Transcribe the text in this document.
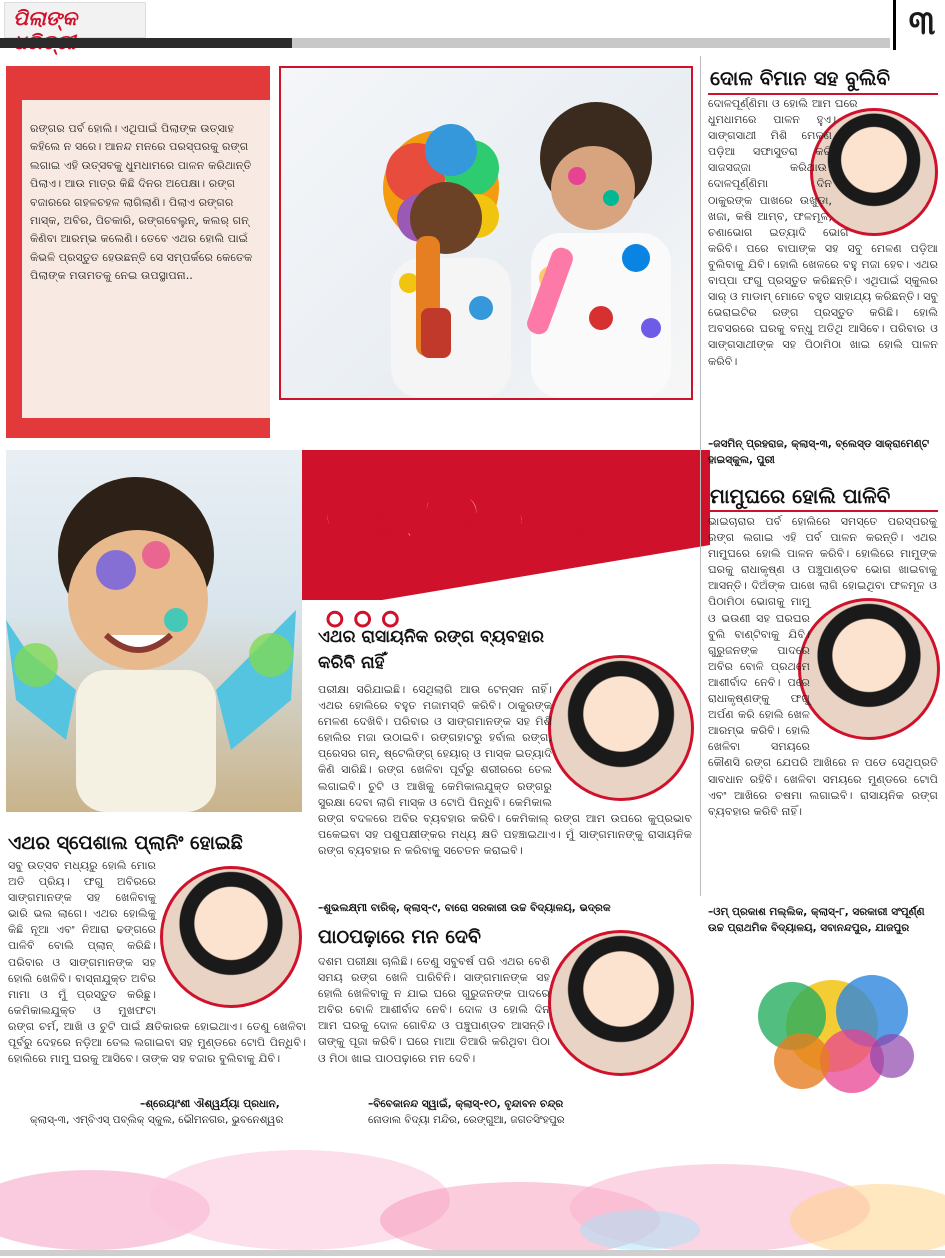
ପିଲାଙ୍କ	୩
ରଙ୍ଗର ପର୍ବ ହୋଲି। ଏଥିପାଇଁ ପିଲାଙ୍କ ଉତ୍ସାହ କହିଲେ ନ ସରେ। ଆନନ୍ଦ ମନରେ ପରସ୍ପରକୁ ରଙ୍ଗ ଲଗାଇ ଏହି ଉତ୍ସବକୁ ଧୁମଧାମରେ ପାଳନ କରିଥାନ୍ତି ପିଲାଏ। ଆଉ ମାତ୍ର କିଛି ଦିନର ଅପେକ୍ଷା। ରଙ୍ଗ ବଜାରରେ ଗହଳଚହଳ ଲାଗିଲାଣି। ପିଲାଏ ରଙ୍ଗର ମାସ୍କ, ଅବିର, ପିଚକାରି, ରଙ୍ଗବେଲୁନ୍, କଲର୍ ଗନ୍ କିଣିବା ଆରମ୍ଭ କଲେଣି। ତେବେ ଏଥର ହୋଲି ପାଇଁ କିଭଳି ପ୍ରସ୍ତୁତ ହେଉଛନ୍ତି ସେ ସମ୍ପର୍କରେ କେତେକ ପିଲାଙ୍କ ମତାମତକୁ ନେଇ ଉପସ୍ଥାପନା..
ହୋଲି ହେ ...
ଦୋଳ ବିମାନ ସହ ବୁଲିବି
ଦୋଳପୂର୍ଣ୍ଣିମା ଓ ହୋଲି ଆମ ଘରେ ଧୁମଧାମରେ ପାଳନ ହୁଏ। ସାଙ୍ଗସାଥୀ ମିଶି ମେଳଣ ପଡ଼ିଆ ସଫାସୁତରା କରି ସାଜସଜ୍ଜା କରିଥାଉ। ଦୋଳପୂର୍ଣ୍ଣିମା ଦିନ ଠାକୁରଙ୍କ ପାଖରେ ଉଖୁଡ଼ା, ଖଜା, କଷି ଆମ୍ବ, ଫଳମୂଳ, ଚଣାଭୋଗ ଇତ୍ୟାଦି ଭୋଗ କରିବି। ପରେ ବାପାଙ୍କ ସହ ସବୁ ମେଳଣ ପଡ଼ିଆ ବୁଲିବାକୁ ଯିବି। ହୋଲି ଖେଳରେ ବହୁ ମଜା ହେବ। ଏଥର ବାପ୍ପା ଫଗୁ ପ୍ରସ୍ତୁତ କରିଛନ୍ତି। ଏଥିପାଇଁ ସ୍କୁଲର ସାର୍ ଓ ମାଡାମ୍ ମୋତେ ବହୁତ ସାହାଯ୍ୟ କରିଛନ୍ତି। ସବୁ ଭେରାଇଟିର ରଙ୍ଗ ପ୍ରସ୍ତୁତ କରିଛି। ହୋଲି ଅବସରରେ ଘରକୁ ବନ୍ଧୁ ଅତିଥି ଆସିବେ। ପରିବାର ଓ ସାଙ୍ଗସାଥୀଙ୍କ ସହ ପିଠାମିଠା ଖାଇ ହୋଲି ପାଳନ କରିବି।
–ଜସମିନ୍ ପ୍ରହରାଜ, କ୍ଲାସ୍-୩, ବ୍ଲେସ୍ଡ ସାକ୍ରାମେଣ୍ଟ ହାଇସ୍କୁଲ, ପୁରୀ
ମାମୁଘରେ ହୋଲି ପାଳିବି
ଭାଇଚାରାର ପର୍ବ ହୋଲିରେ ସମସ୍ତେ ପରସ୍ପରକୁ ରଙ୍ଗ ଲଗାଇ ଏହି ପର୍ବ ପାଳନ କରନ୍ତି। ଏଥର ମାମୁଘରେ ହୋଲି ପାଳନ କରିବି। ହୋଲିରେ ମାମୁଙ୍କ ଘରକୁ ରାଧାକୃଷ୍ଣ ଓ ପଞ୍ଚୁପାଣ୍ଡବ ଭୋଗ ଖାଇବାକୁ ଆସନ୍ତି। ଦିଅଁଙ୍କ ପାଖେ ଲାଗି ହୋଇଥିବା ଫଳମୂଳ ଓ ପିଠାମିଠା ଭୋଗକୁ ମାମୁ ଓ ଭଉଣୀ ସହ ଘରଘର ବୁଲି ବାଣ୍ଟିବାକୁ ଯିବି। ଗୁରୁଜନଙ୍କ ପାଦରେ ଅବିର ବୋଳି ପ୍ରଥମେ ଆଶୀର୍ବାଦ ନେବି। ପରେ ରାଧାକୃଷ୍ଣଙ୍କୁ ଫଗୁ ଅର୍ପଣ କରି ହୋଲି ଖେଳ ଆରମ୍ଭ କରିବି। ହୋଲି ଖେଳିବା ସମୟରେ କୌଣସି ରଙ୍ଗ ଯେପରି ଆଖିରେ ନ ପଡେ ସେଥିପ୍ରତି ସାବଧାନ ରହିବି। ଖେଳିବା ସମୟରେ ମୁଣ୍ଡରେ ଟୋପି ଏବଂ ଆଖିରେ ଚଷମା ଲଗାଇବି। ରାସାୟନିକ ରଙ୍ଗ ବ୍ୟବହାର କରିବି ନାହିଁ।
–ଓମ୍ ପ୍ରକାଶ ମଲ୍ଲିକ, କ୍ଲାସ୍-୮, ସରକାରୀ ସଂପୂର୍ଣ୍ଣ ଉଚ୍ଚ ପ୍ରାଥମିକ ବିଦ୍ୟାଳୟ, ସବାନନ୍ଦପୁର, ଯାଜପୁର
ଏଥର ରାସାୟନିକ ରଙ୍ଗ ବ୍ୟବହାର କରିବି ନାହିଁ
ପରୀକ୍ଷା ସରିଯାଇଛି। ସେଥିଲାଗି ଆଉ ଟେନ୍‌ସନ ନାହିଁ। ଏଥର ହୋଲିରେ ବହୁତ ମଜାମସ୍ତି କରିବି। ଠାକୁରଙ୍କ ମେଳଣ ଦେଖିବି। ପରିବାର ଓ ସାଙ୍ଗମାନଙ୍କ ସହ ମିଶି ହୋଲିର ମଜା ଉଠାଇବି। ରଙ୍ଗହାଟରୁ ହର୍ବାଲ ରଙ୍ଗ, ପ୍ରେସର ଗନ୍, ଷ୍ଟେଲିଙ୍ଗ୍ ହେୟାର୍ ଓ ମାସ୍କ ଇତ୍ୟାଦି କିଣି ସାରିଛି। ରଙ୍ଗ ଖେଳିବା ପୂର୍ବରୁ ଶରୀରରେ ତେଲ ଲଗାଇବି। ଚୁଟି ଓ ଆଖିକୁ କେମିକାଲଯୁକ୍ତ ରଙ୍ଗରୁ ସୁରକ୍ଷା ଦେବା ଲାଗି ମାସ୍କ ଓ ଟୋପି ପିନ୍ଧିବି। କେମିକାଲ ରଙ୍ଗ ବଦଳରେ ଅବିର ବ୍ୟବହାର କରିବି। କେମିକାଲ୍ ରଙ୍ଗ ଆମ ଉପରେ କୁପ୍ରଭାବ ପକେଇବା ସହ ପଶୁପକ୍ଷୀଙ୍କର ମଧ୍ୟ କ୍ଷତି ପହଞ୍ଚାଇଥାଏ। ମୁଁ ସାଙ୍ଗମାନଙ୍କୁ ରାସାୟନିକ ରଙ୍ଗ ବ୍ୟବହାର ନ କରିବାକୁ ସଚେତନ କରାଇବି।
–ଶୁଭଲକ୍ଷ୍ମୀ ବାରିକ୍, କ୍ଲାସ୍-୯, ବାରୋ ସରକାରୀ ଉଚ୍ଚ ବିଦ୍ୟାଳୟ, ଭଦ୍ରକ
ପାଠପଢ଼ାରେ ମନ ଦେବି
ଦଶମ ପରୀକ୍ଷା ଚାଲିଛି। ତେଣୁ ସବୁବର୍ଷ ପରି ଏଥର ବେଶି ସମୟ ରଙ୍ଗ ଖେଳି ପାରିବିନି। ସାଙ୍ଗମାନଙ୍କ ସହ ହୋଲି ଖେଳିବାକୁ ନ ଯାଇ ଘରେ ଗୁରୁଜନଙ୍କ ପାଦରେ ଅବିର ବୋଳି ଆଶୀର୍ବାଦ ନେବି। ଦୋଳ ଓ ହୋଲି ଦିନ ଆମ ଘରକୁ ଦୋଳ ଗୋବିନ୍ଦ ଓ ପଞ୍ଚୁପାଣ୍ଡବ ଆସନ୍ତି। ତାଙ୍କୁ ପୂଜା କରିବି। ଘରେ ମାଆ ତିଆରି କରିଥିବା ପିଠା ଓ ମିଠା ଖାଇ ପାଠପଢ଼ାରେ ମନ ଦେବି।
–ବିବେକାନନ୍ଦ ସ୍ୱାଇଁ, କ୍ଲାସ୍-୧୦, ବୃନ୍ଦାବନ ଚନ୍ଦ୍ର
ନୋଡାଲ ବିଦ୍ୟା ମନ୍ଦିର, ରେଙ୍ଗୁଆ, ଜଗତସିଂହପୁର
ଏଥର ସ୍ପେଶାଲ ପ୍ଲାନିଂ ହୋଇଛି
ସବୁ ଉତ୍ସବ ମଧ୍ୟରୁ ହୋଲି ମୋର ଅତି ପ୍ରିୟ। ଫଗୁ ଅବିରରେ ସାଙ୍ଗମାନଙ୍କ ସହ ଖେଳିବାକୁ ଭାରି ଭଲ ଲାଗେ। ଏଥର ହୋଲିକୁ କିଛି ନୂଆ ଏବଂ ନିଆରା ଢଙ୍ଗରେ ପାଳିବି ବୋଲି ପ୍ଲାନ୍ କରିଛି। ପରିବାର ଓ ସାଙ୍ଗମାନଙ୍କ ସହ ହୋଲି ଖେଳିବି। ବାସ୍ନାଯୁକ୍ତ ଅବିର ମାମା ଓ ମୁଁ ପ୍ରସ୍ତୁତ କରିଛୁ। କେମିକାଲଯୁକ୍ତ ଓ ମୁଖଫଟା ରଙ୍ଗ ଚର୍ମ, ଆଖି ଓ ଚୁଟି ପାଇଁ କ୍ଷତିକାରକ ହୋଇଥାଏ। ତେଣୁ ଖେଳିବା ପୂର୍ବରୁ ଦେହରେ ନଡ଼ିଆ ତେଲ ଲଗାଇବା ସହ ମୁଣ୍ଡରେ ଟୋପି ପିନ୍ଧିବି। ହୋଲିରେ ମାମୁ ଘରକୁ ଆସିବେ। ତାଙ୍କ ସହ ବଜାର ବୁଲିବାକୁ ଯିବି।
–ଶ୍ରେୟାଂଶୀ ଐଶ୍ୱର୍ଯ୍ୟା ପ୍ରଧାନ,
କ୍ଲାସ୍-୩, ଏମ୍‌ବିଏସ୍ ପବ୍ଲିକ୍ ସ୍କୁଲ, ଭୌମନଗର, ଭୁବନେଶ୍ୱର
